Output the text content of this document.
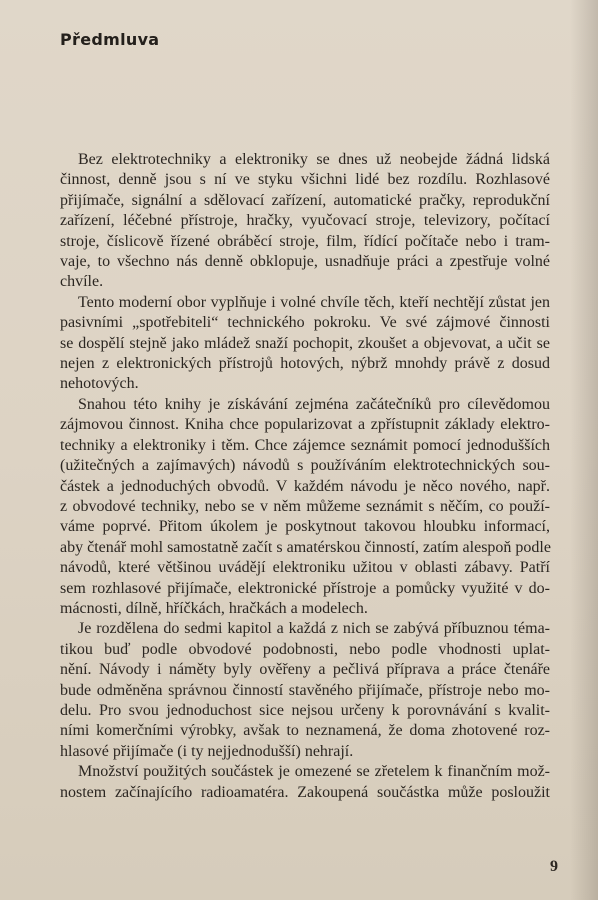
Předmluva
Bez elektrotechniky a elektroniky se dnes už neobejde žádná lidská
činnost, denně jsou s ní ve styku všichni lidé bez rozdílu. Rozhlasové
přijímače, signální a sdělovací zařízení, automatické pračky, reprodukční
zařízení, léčebné přístroje, hračky, vyučovací stroje, televizory, počítací
stroje, číslicově řízené obráběcí stroje, film, řídící počítače nebo i tram-
vaje, to všechno nás denně obklopuje, usnadňuje práci a zpestřuje volné
chvíle.
Tento moderní obor vyplňuje i volné chvíle těch, kteří nechtějí zůstat jen
pasivními „spotřebiteli“ technického pokroku. Ve své zájmové činnosti
se dospělí stejně jako mládež snaží pochopit, zkoušet a objevovat, a učit se
nejen z elektronických přístrojů hotových, nýbrž mnohdy právě z dosud
nehotových.
Snahou této knihy je získávání zejména začátečníků pro cílevědomou
zájmovou činnost. Kniha chce popularizovat a zpřístupnit základy elektro-
techniky a elektroniky i těm. Chce zájemce seznámit pomocí jednodušších
(užitečných a zajímavých) návodů s používáním elektrotechnických sou-
částek a jednoduchých obvodů. V každém návodu je něco nového, např.
z obvodové techniky, nebo se v něm můžeme seznámit s něčím, co použí-
váme poprvé. Přitom úkolem je poskytnout takovou hloubku informací,
aby čtenář mohl samostatně začít s amatérskou činností, zatím alespoň podle
návodů, které většinou uvádějí elektroniku užitou v oblasti zábavy. Patří
sem rozhlasové přijímače, elektronické přístroje a pomůcky využité v do-
mácnosti, dílně, hříčkách, hračkách a modelech.
Je rozdělena do sedmi kapitol a každá z nich se zabývá příbuznou téma-
tikou buď podle obvodové podobnosti, nebo podle vhodnosti uplat-
nění. Návody i náměty byly ověřeny a pečlivá příprava a práce čtenáře
bude odměněna správnou činností stavěného přijímače, přístroje nebo mo-
delu. Pro svou jednoduchost sice nejsou určeny k porovnávání s kvalit-
ními komerčními výrobky, avšak to neznamená, že doma zhotovené roz-
hlasové přijímače (i ty nejjednodušší) nehrají.
Množství použitých součástek je omezené se zřetelem k finančním mož-
nostem začínajícího radioamatéra. Zakoupená součástka může posloužit
9
